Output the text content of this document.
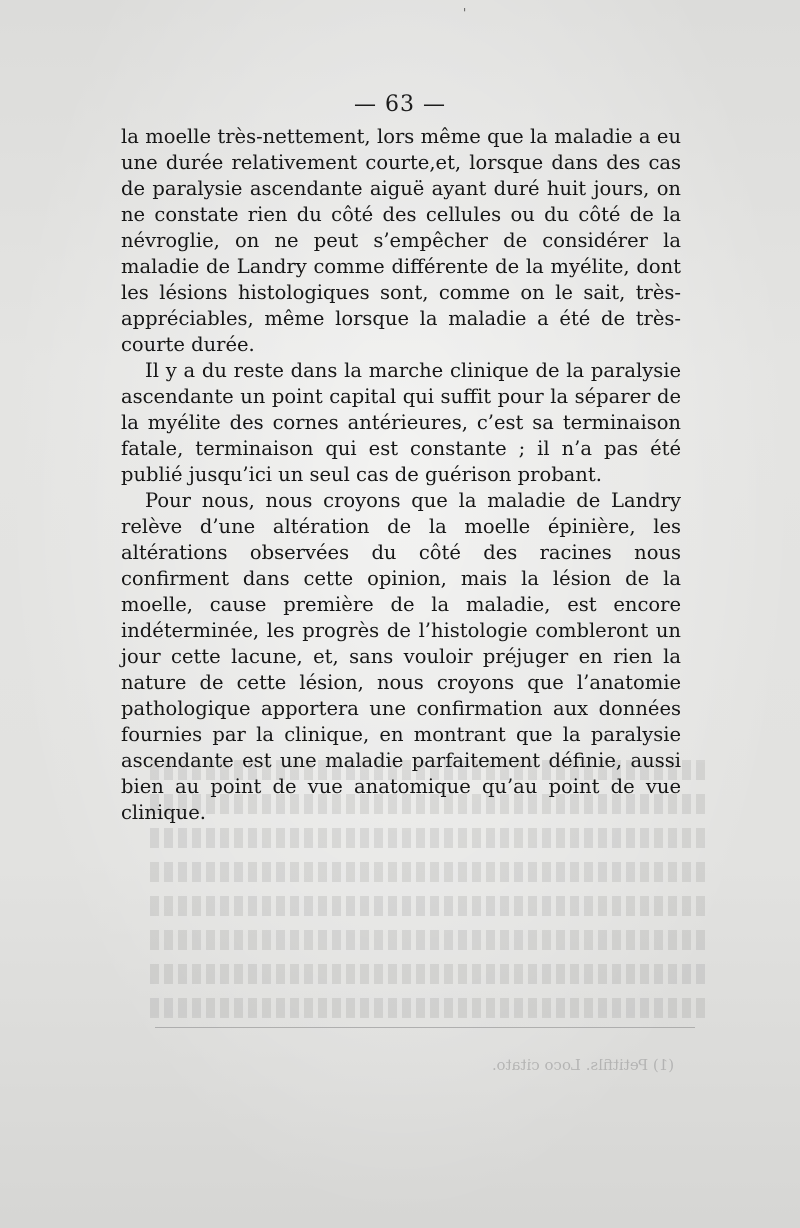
'
— 63 —

la moelle très-nettement, lors même que la maladie a eu une durée relativement courte,et, lorsque dans des cas de paralysie ascendante aiguë ayant duré huit jours, on ne constate rien du côté des cellules ou du côté de la névroglie, on ne peut s’empêcher de considérer la maladie de Landry comme différente de la myélite, dont les lésions histologiques sont, comme on le sait, très-appréciables, même lorsque la maladie a été de très-courte durée.

Il y a du reste dans la marche clinique de la paralysie ascendante un point capital qui suffit pour la séparer de la myélite des cornes antérieures, c’est sa terminaison fatale, terminaison qui est constante ; il n’a pas été publié jusqu’ici un seul cas de guérison probant.

Pour nous, nous croyons que la maladie de Landry relève d’une altération de la moelle épinière, les altérations observées du côté des racines nous confirment dans cette opinion, mais la lésion de la moelle, cause première de la maladie, est encore indéterminée, les progrès de l’histologie combleront un jour cette lacune, et, sans vouloir préjuger en rien la nature de cette lésion, nous croyons que l’anatomie pathologique apportera une confirmation aux données fournies par la clinique, en montrant que la paralysie ascendante est une maladie parfaitement définie, aussi bien au point de vue anatomique qu’au point de vue clinique.

(1) Petitfils. Loco citato.
